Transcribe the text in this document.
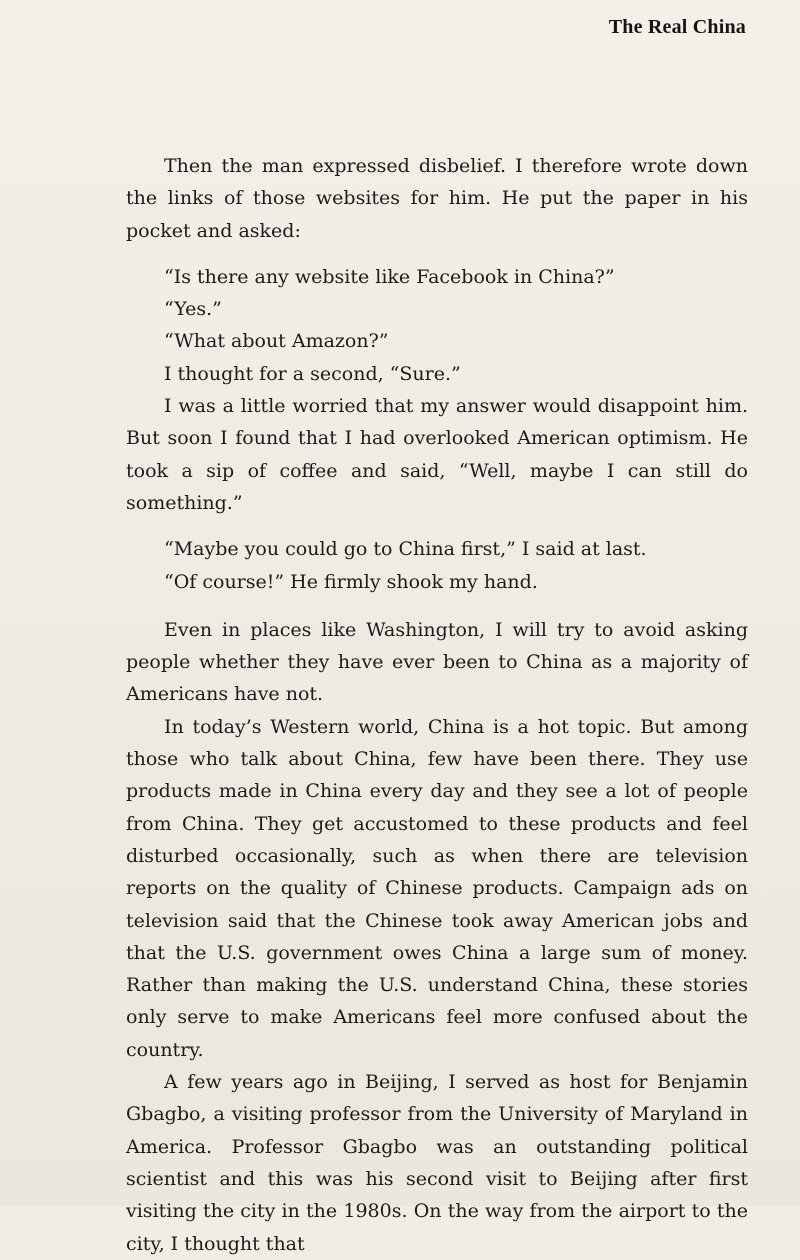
The Real China

Then the man expressed disbelief. I therefore wrote down the links of those websites for him. He put the paper in his pocket and asked:

“Is there any website like Facebook in China?”

“Yes.”

“What about Amazon?”

I thought for a second, “Sure.”

I was a little worried that my answer would disappoint him. But soon I found that I had overlooked American optimism. He took a sip of coffee and said, “Well, maybe I can still do something.”

“Maybe you could go to China first,” I said at last.

“Of course!” He firmly shook my hand.

Even in places like Washington, I will try to avoid asking people whether they have ever been to China as a majority of Americans have not.

In today’s Western world, China is a hot topic. But among those who talk about China, few have been there. They use products made in China every day and they see a lot of people from China. They get accustomed to these products and feel disturbed occasionally, such as when there are television reports on the quality of Chinese products. Campaign ads on television said that the Chinese took away American jobs and that the U.S. government owes China a large sum of money. Rather than making the U.S. understand China, these stories only serve to make Americans feel more confused about the country.

A few years ago in Beijing, I served as host for Benjamin Gbagbo, a visiting professor from the University of Maryland in America. Professor Gbagbo was an outstanding political scientist and this was his second visit to Beijing after first visiting the city in the 1980s. On the way from the airport to the city, I thought that
